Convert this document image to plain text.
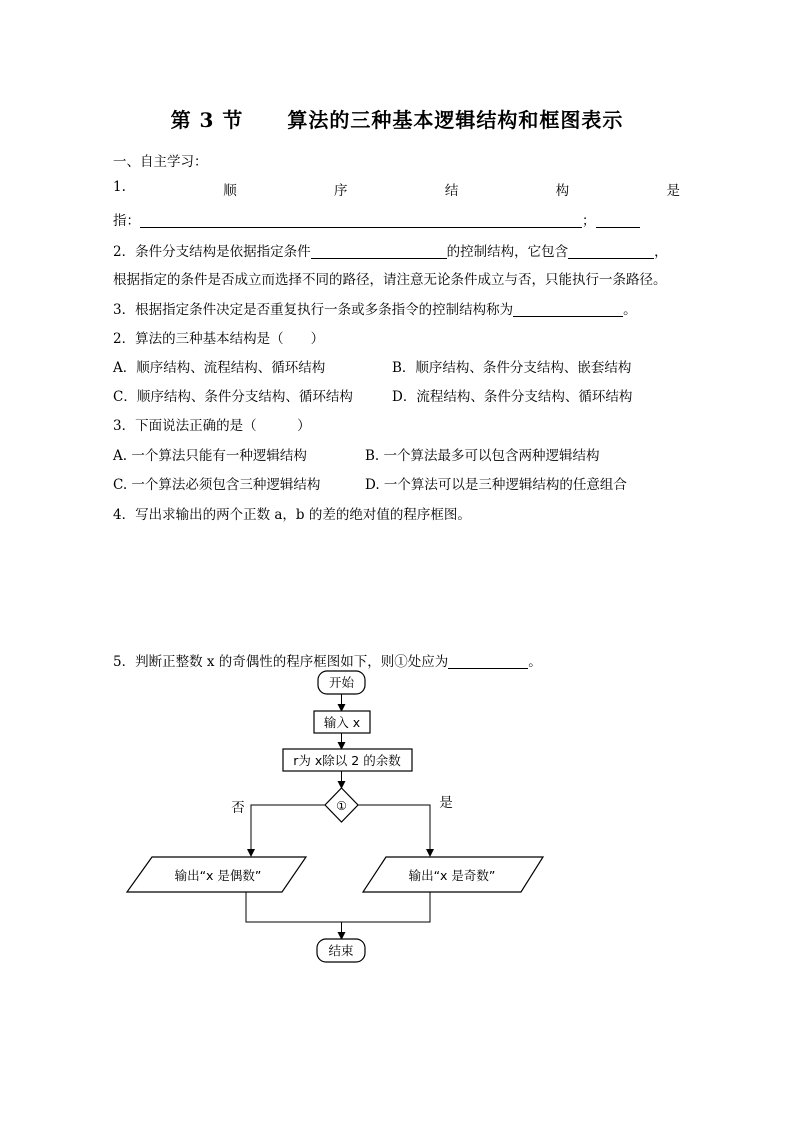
第 3 节 算法的三种基本逻辑结构和框图表示
一、自主学习：
1.	顺	序	结	构	是
指：	；
2．条件分支结构是依据指定条件	的控制结构，它包含	，
根据指定的条件是否成立而选择不同的路径，请注意无论条件成立与否，只能执行一条路径。
3．根据指定条件决定是否重复执行一条或多条指令的控制结构称为	。
2．算法的三种基本结构是（　　）
A．顺序结构、流程结构、循环结构	B．顺序结构、条件分支结构、嵌套结构
C．顺序结构、条件分支结构、循环结构	D．流程结构、条件分支结构、循环结构
3．下面说法正确的是（　　　）
A. 一个算法只能有一种逻辑结构	B. 一个算法最多可以包含两种逻辑结构
C. 一个算法必须包含三种逻辑结构	D. 一个算法可以是三种逻辑结构的任意组合
4．写出求输出的两个正数 a，b 的差的绝对值的程序框图。
5．判断正整数 x 的奇偶性的程序框图如下，则①处应为	。
开始
输入 x
r为 x除以 2 的余数
①
否	是
输出“x 是偶数”	输出“x 是奇数”
结束
